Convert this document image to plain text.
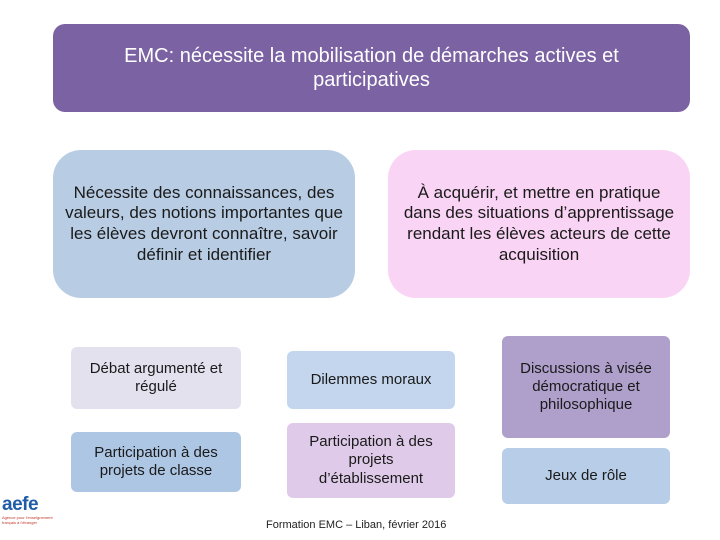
EMC: nécessite la mobilisation de démarches actives et participatives
Nécessite des connaissances, des valeurs, des notions importantes que les élèves devront connaître, savoir définir et identifier
À acquérir, et mettre en pratique dans des situations d’apprentissage rendant les élèves acteurs de cette acquisition
Débat argumenté et régulé
Participation à des projets de classe
Dilemmes moraux
Participation à des projets d’établissement
Discussions à visée démocratique et philosophique
Jeux de rôle
Formation EMC – Liban, février 2016
aefe
Agence pour l'enseignement français à l'étranger
